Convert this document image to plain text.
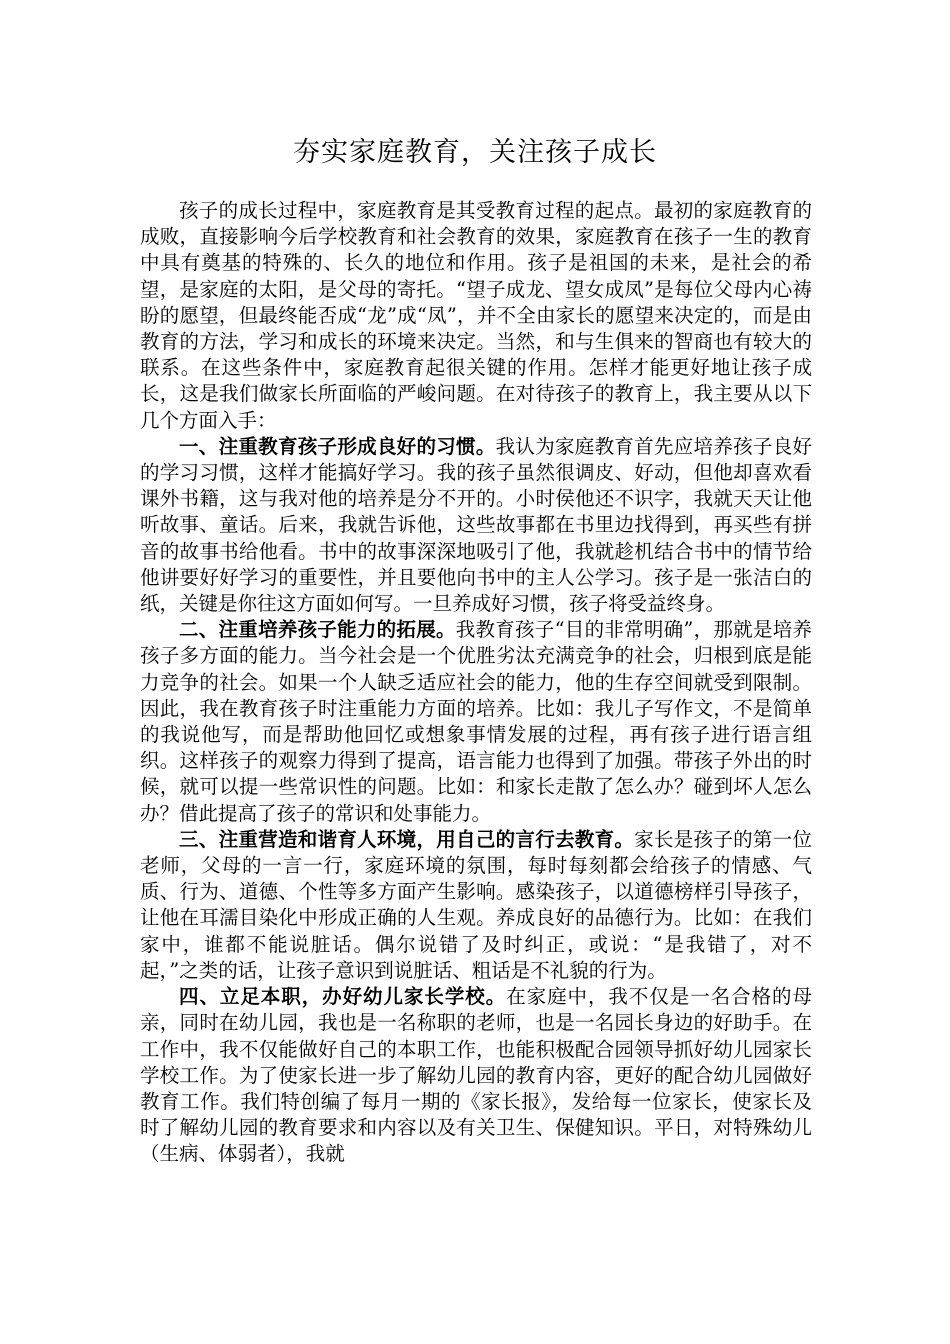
夯实家庭教育，关注孩子成长

孩子的成长过程中，家庭教育是其受教育过程的起点。最初的家庭教育的成败，直接影响今后学校教育和社会教育的效果，家庭教育在孩子一生的教育中具有奠基的特殊的、长久的地位和作用。孩子是祖国的未来，是社会的希望，是家庭的太阳，是父母的寄托。“望子成龙、望女成凤”是每位父母内心祷盼的愿望，但最终能否成“龙”成“凤”，并不全由家长的愿望来决定的，而是由教育的方法，学习和成长的环境来决定。当然，和与生俱来的智商也有较大的联系。在这些条件中，家庭教育起很关键的作用。怎样才能更好地让孩子成长，这是我们做家长所面临的严峻问题。在对待孩子的教育上，我主要从以下几个方面入手：

一、注重教育孩子形成良好的习惯。我认为家庭教育首先应培养孩子良好的学习习惯，这样才能搞好学习。我的孩子虽然很调皮、好动，但他却喜欢看课外书籍，这与我对他的培养是分不开的。小时侯他还不识字，我就天天让他听故事、童话。后来，我就告诉他，这些故事都在书里边找得到，再买些有拼音的故事书给他看。书中的故事深深地吸引了他，我就趁机结合书中的情节给他讲要好好学习的重要性，并且要他向书中的主人公学习。孩子是一张洁白的纸，关键是你往这方面如何写。一旦养成好习惯，孩子将受益终身。

二、注重培养孩子能力的拓展。我教育孩子“目的非常明确”，那就是培养孩子多方面的能力。当今社会是一个优胜劣汰充满竞争的社会，归根到底是能力竞争的社会。如果一个人缺乏适应社会的能力，他的生存空间就受到限制。因此，我在教育孩子时注重能力方面的培养。比如：我儿子写作文，不是简单的我说他写，而是帮助他回忆或想象事情发展的过程，再有孩子进行语言组织。这样孩子的观察力得到了提高，语言能力也得到了加强。带孩子外出的时候，就可以提一些常识性的问题。比如：和家长走散了怎么办？碰到坏人怎么办？借此提高了孩子的常识和处事能力。

三、注重营造和谐育人环境，用自己的言行去教育。家长是孩子的第一位老师，父母的一言一行，家庭环境的氛围，每时每刻都会给孩子的情感、气质、行为、道德、个性等多方面产生影响。感染孩子，以道德榜样引导孩子，让他在耳濡目染化中形成正确的人生观。养成良好的品德行为。比如：在我们家中，谁都不能说脏话。偶尔说错了及时纠正，或说：“是我错了，对不起，”之类的话，让孩子意识到说脏话、粗话是不礼貌的行为。

四、立足本职，办好幼儿家长学校。在家庭中，我不仅是一名合格的母亲，同时在幼儿园，我也是一名称职的老师，也是一名园长身边的好助手。在工作中，我不仅能做好自己的本职工作，也能积极配合园领导抓好幼儿园家长学校工作。为了使家长进一步了解幼儿园的教育内容，更好的配合幼儿园做好教育工作。我们特创编了每月一期的《家长报》，发给每一位家长，使家长及时了解幼儿园的教育要求和内容以及有关卫生、保健知识。平日，对特殊幼儿（生病、体弱者），我就
